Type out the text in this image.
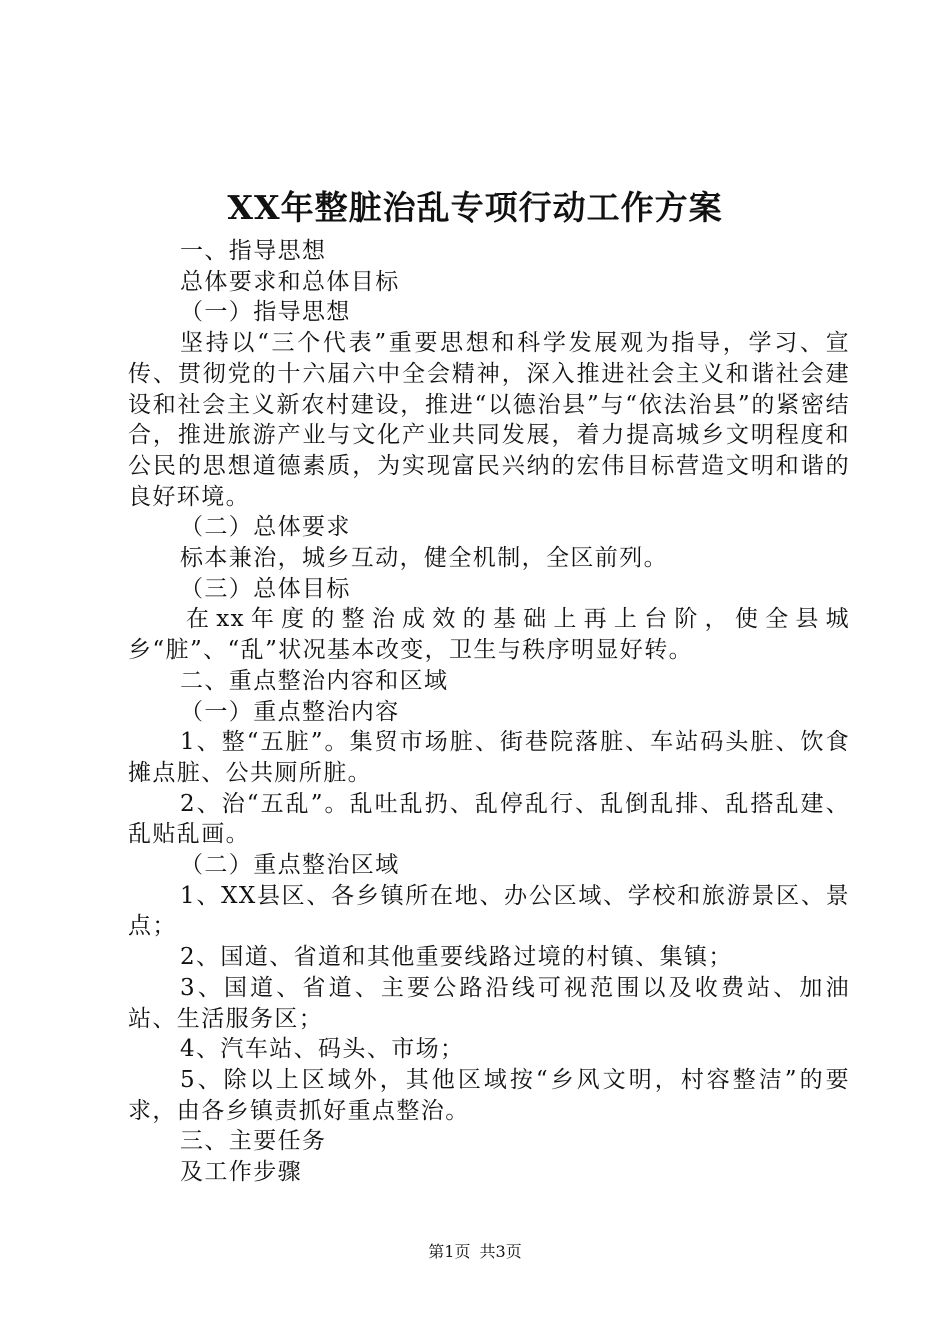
XX年整脏治乱专项行动工作方案

一、指导思想

总体要求和总体目标

（一）指导思想

坚持以“三个代表”重要思想和科学发展观为指导，学习、宣传、贯彻党的十六届六中全会精神，深入推进社会主义和谐社会建设和社会主义新农村建设，推进“以德治县”与“依法治县”的紧密结合，推进旅游产业与文化产业共同发展，着力提高城乡文明程度和公民的思想道德素质，为实现富民兴纳的宏伟目标营造文明和谐的良好环境。

（二）总体要求

标本兼治，城乡互动，健全机制，全区前列。

（三）总体目标

在xx年度的整治成效的基础上再上台阶，使全县城乡“脏”、“乱”状况基本改变，卫生与秩序明显好转。

二、重点整治内容和区域

（一）重点整治内容

1、整“五脏”。集贸市场脏、街巷院落脏、车站码头脏、饮食摊点脏、公共厕所脏。

2、治“五乱”。乱吐乱扔、乱停乱行、乱倒乱排、乱搭乱建、乱贴乱画。

（二）重点整治区域

1、XX县区、各乡镇所在地、办公区域、学校和旅游景区、景点；

2、国道、省道和其他重要线路过境的村镇、集镇；

3、国道、省道、主要公路沿线可视范围以及收费站、加油站、生活服务区；

4、汽车站、码头、市场；

5、除以上区域外，其他区域按“乡风文明，村容整洁”的要求，由各乡镇责抓好重点整治。

三、主要任务

及工作步骤

第1页 共3页
